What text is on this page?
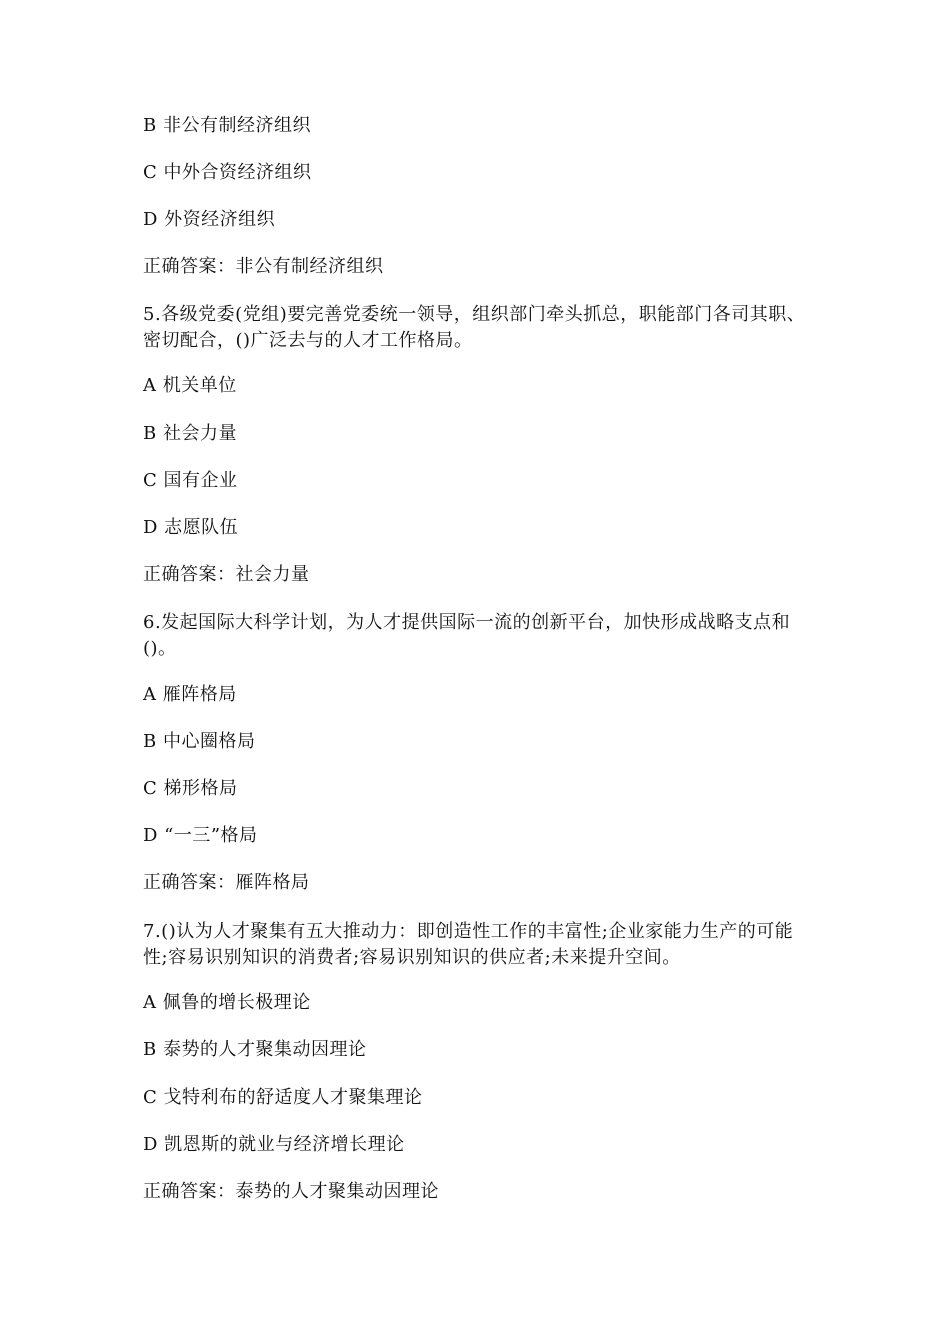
B 非公有制经济组织
C 中外合资经济组织
D 外资经济组织
正确答案：非公有制经济组织
5.各级党委(党组)要完善党委统一领导，组织部门牵头抓总，职能部门各司其职、密切配合，()广泛去与的人才工作格局。
A 机关单位
B 社会力量
C 国有企业
D 志愿队伍
正确答案：社会力量
6.发起国际大科学计划，为人才提供国际一流的创新平台，加快形成战略支点和()。
A 雁阵格局
B 中心圈格局
C 梯形格局
D “一三”格局
正确答案：雁阵格局
7.()认为人才聚集有五大推动力：即创造性工作的丰富性;企业家能力生产的可能性;容易识别知识的消费者;容易识别知识的供应者;未来提升空间。
A 佩鲁的增长极理论
B 泰势的人才聚集动因理论
C 戈特利布的舒适度人才聚集理论
D 凯恩斯的就业与经济增长理论
正确答案：泰势的人才聚集动因理论
